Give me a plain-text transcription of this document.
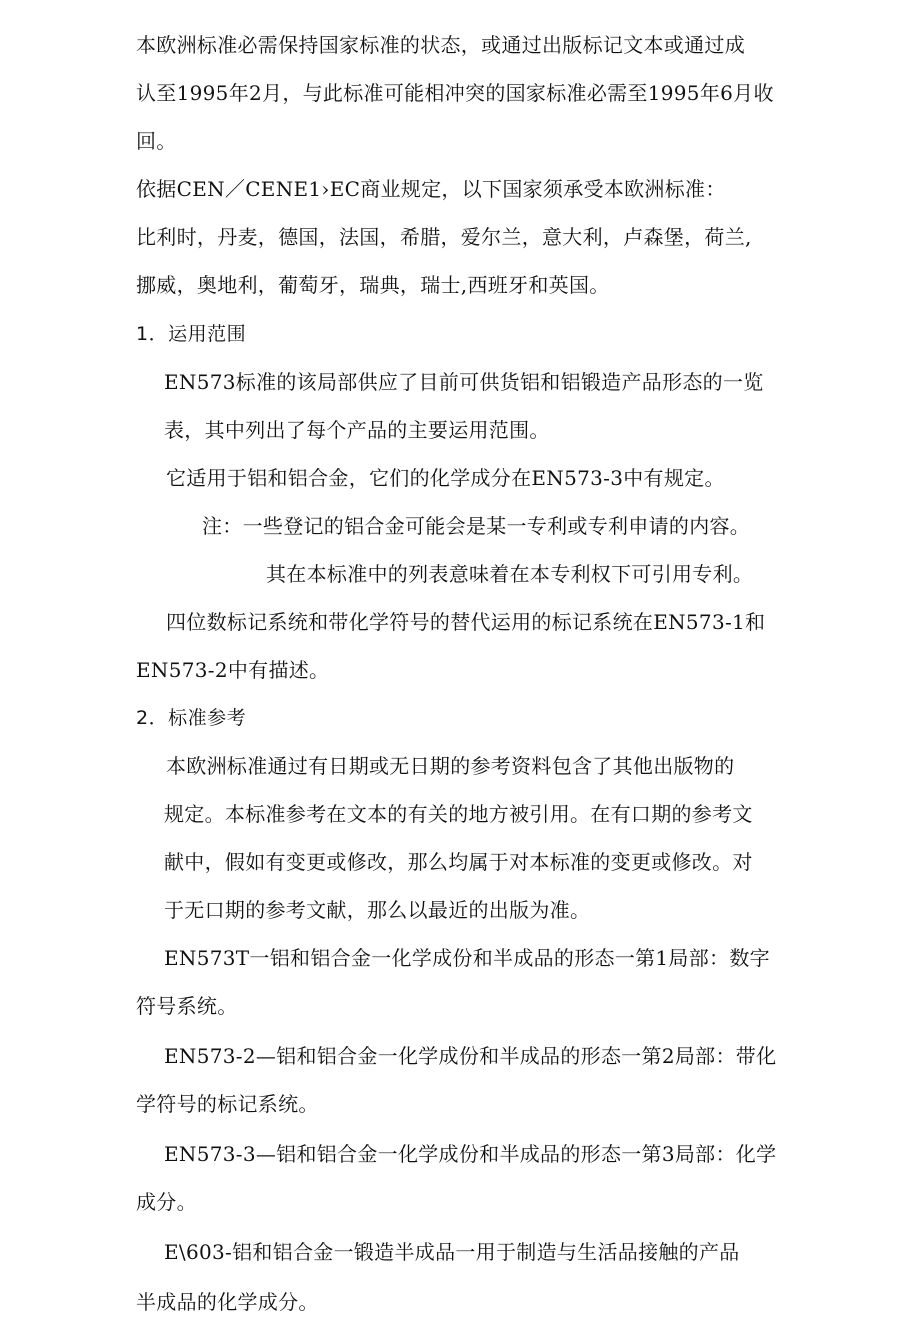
本欧洲标准必需保持国家标准的状态，或通过出版标记文本或通过成
认至1995年2月，与此标准可能相冲突的国家标准必需至1995年6月收
回。
依据CEN／CENE1›EC商业规定，以下国家须承受本欧洲标准：
比利时，丹麦，德国，法国，希腊，爱尔兰，意大利，卢森堡，荷兰,
挪威，奥地利，葡萄牙，瑞典，瑞士,西班牙和英国。
1．运用范围
EN573标准的该局部供应了目前可供货铝和铝锻造产品形态的一览
表，其中列出了每个产品的主要运用范围。
它适用于铝和铝合金，它们的化学成分在EN573-3中有规定。
注：一些登记的铝合金可能会是某一专利或专利申请的内容。
其在本标准中的列表意味着在本专利权下可引用专利。
四位数标记系统和带化学符号的替代运用的标记系统在EN573-1和
EN573-2中有描述。
2．标准参考
本欧洲标准通过有日期或无日期的参考资料包含了其他出版物的
规定。本标准参考在文本的有关的地方被引用。在有口期的参考文
献中，假如有变更或修改，那么均属于对本标准的变更或修改。对
于无口期的参考文献，那么以最近的出版为准。
EN573T一铝和铝合金一化学成份和半成品的形态一第1局部：数字
符号系统。
EN573-2—铝和铝合金一化学成份和半成品的形态一第2局部：带化
学符号的标记系统。
EN573-3—铝和铝合金一化学成份和半成品的形态一第3局部：化学
成分。
E\603-铝和铝合金一锻造半成品一用于制造与生活品接触的产品
半成品的化学成分。
